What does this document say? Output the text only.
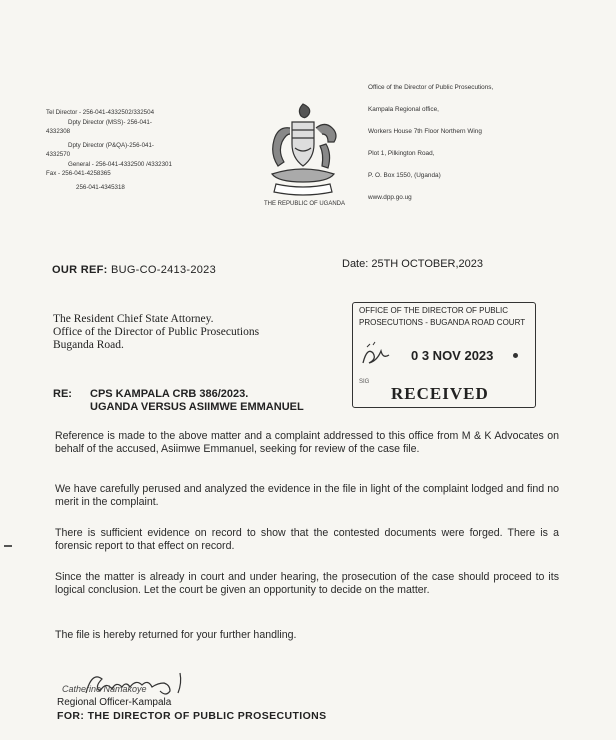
Tel Director - 256-041-4332502/332504
Dpty Director (MSS)- 256-041-
4332308
Dpty Director (P&QA)-256-041-
4332570
General - 256-041-4332500 /4332301
Fax - 256-041-4258365
256-041-4345318
THE REPUBLIC OF UGANDA
Office of the Director of Public Prosecutions,
Kampala Regional office,
Workers House 7th Floor Northern Wing
Plot 1, Pilkington Road,
P. O. Box 1550, (Uganda)
www.dpp.go.ug
OUR REF: BUG-CO-2413-2023	Date: 25TH OCTOBER,2023
The Resident Chief State Attorney.
Office of the Director of Public Prosecutions
Buganda Road.
OFFICE OF THE DIRECTOR OF PUBLIC
PROSECUTIONS - BUGANDA ROAD COURT
0 3 NOV 2023
SIG
RECEIVED
RE: CPS KAMPALA CRB 386/2023.
UGANDA VERSUS ASIIMWE EMMANUEL
Reference is made to the above matter and a complaint addressed to this office from M & K Advocates on behalf of the accused, Asiimwe Emmanuel, seeking for review of the case file.
We have carefully perused and analyzed the evidence in the file in light of the complaint lodged and find no merit in the complaint.
There is sufficient evidence on record to show that the contested documents were forged. There is a forensic report to that effect on record.
Since the matter is already in court and under hearing, the prosecution of the case should proceed to its logical conclusion. Let the court be given an opportunity to decide on the matter.
The file is hereby returned for your further handling.
Catherine Namakoye
Regional Officer-Kampala
FOR: THE DIRECTOR OF PUBLIC PROSECUTIONS
